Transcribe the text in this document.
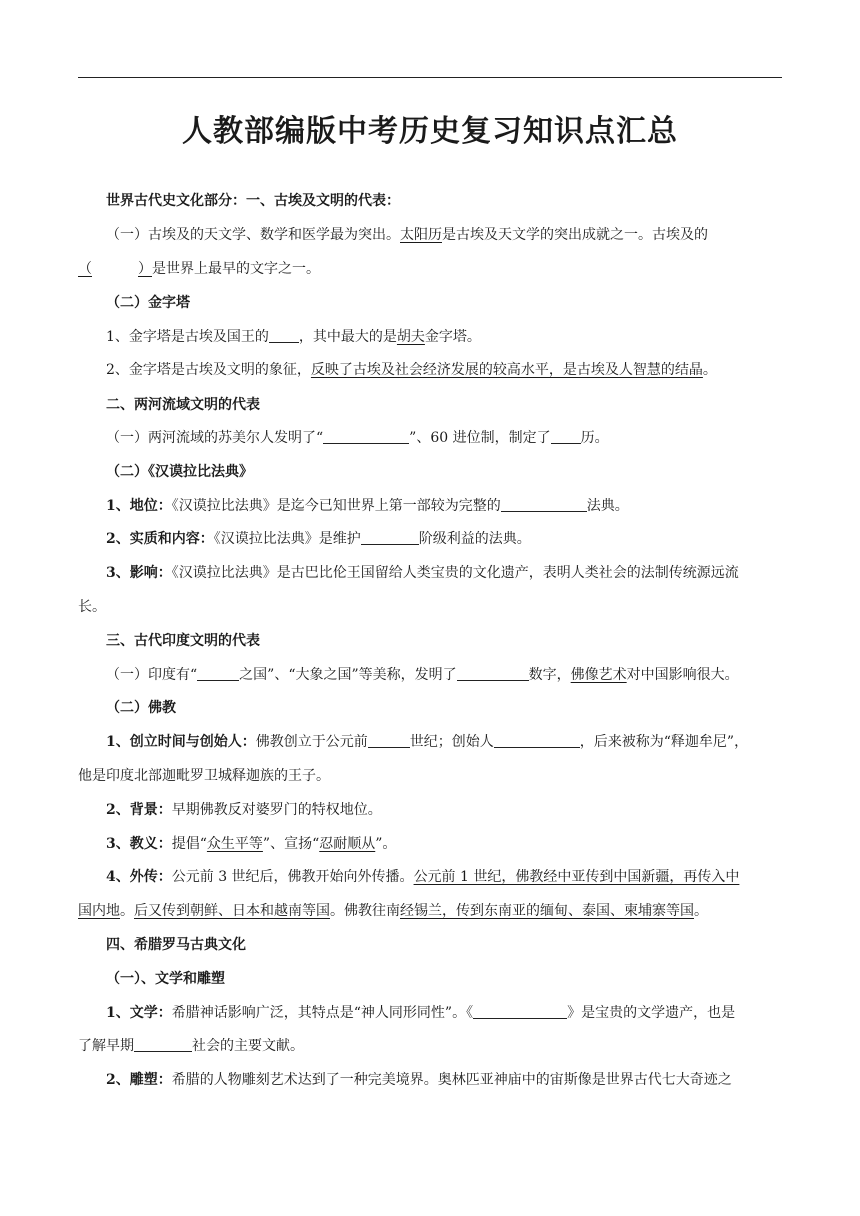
人教部编版中考历史复习知识点汇总
世界古代史文化部分：一、古埃及文明的代表：
（一）古埃及的天文学、数学和医学最为突出。太阳历是古埃及天文学的突出成就之一。古埃及的
（	）是世界上最早的文字之一。
（二）金字塔
1、金字塔是古埃及国王的 ，其中最大的是胡夫金字塔。
2、金字塔是古埃及文明的象征，反映了古埃及社会经济发展的较高水平，是古埃及人智慧的结晶。
二、两河流域文明的代表
（一）两河流域的苏美尔人发明了“	”、60 进位制，制定了 历。
（二）《汉谟拉比法典》
1、地位：《汉谟拉比法典》是迄今已知世界上第一部较为完整的	法典。
2、实质和内容：《汉谟拉比法典》是维护	阶级利益的法典。
3、影响：《汉谟拉比法典》是古巴比伦王国留给人类宝贵的文化遗产，表明人类社会的法制传统源远流
长。
三、古代印度文明的代表
（一）印度有“	之国”、“大象之国”等美称，发明了	数字，佛像艺术对中国影响很大。
（二）佛教
1、创立时间与创始人：佛教创立于公元前	世纪；创始人	，后来被称为“释迦牟尼”，
他是印度北部迦毗罗卫城释迦族的王子。
2、背景：早期佛教反对婆罗门的特权地位。
3、教义：提倡“众生平等”、宣扬“忍耐顺从”。
4、外传：公元前 3 世纪后，佛教开始向外传播。公元前 1 世纪，佛教经中亚传到中国新疆，再传入中
国内地。后又传到朝鲜、日本和越南等国。佛教往南经锡兰，传到东南亚的缅甸、泰国、柬埔寨等国。
四、希腊罗马古典文化
（一）、文学和雕塑
1、文学：希腊神话影响广泛，其特点是“神人同形同性”。《	》是宝贵的文学遗产，也是
了解早期	社会的主要文献。
2、雕塑：希腊的人物雕刻艺术达到了一种完美境界。奥林匹亚神庙中的宙斯像是世界古代七大奇迹之
